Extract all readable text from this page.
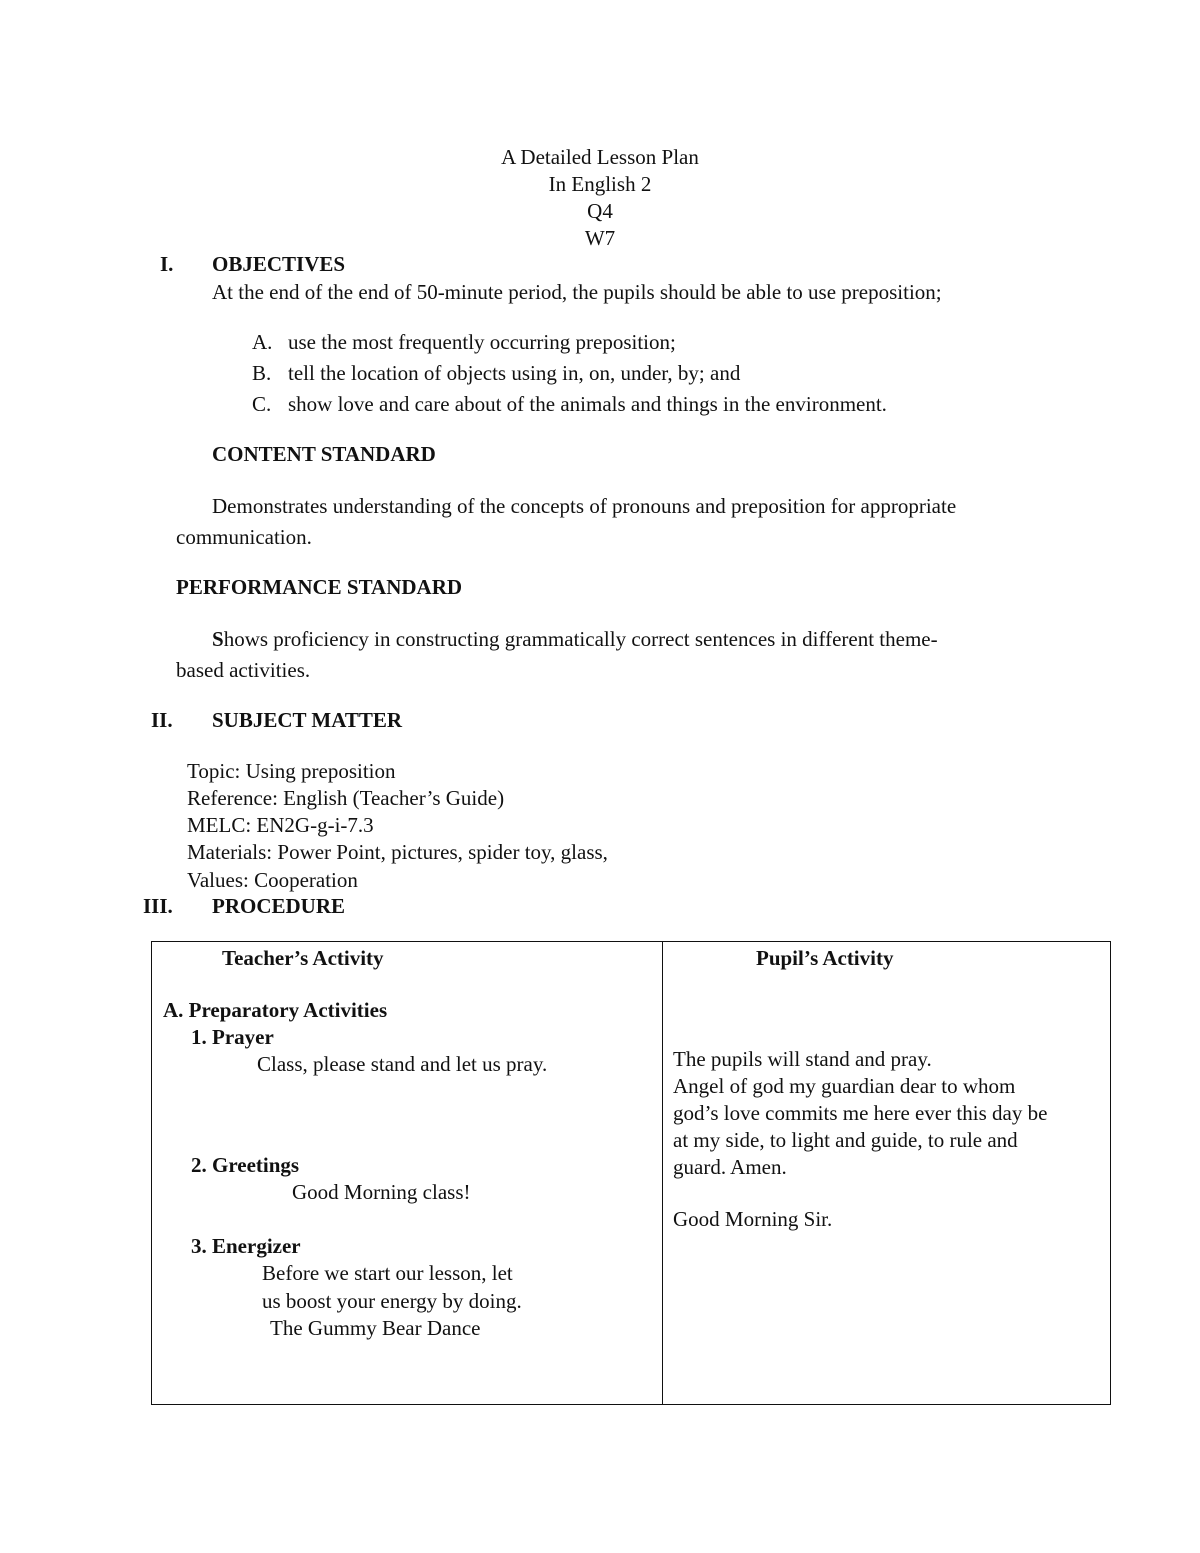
A Detailed Lesson Plan
In English 2
Q4
W7
I. OBJECTIVES
At the end of the end of 50-minute period, the pupils should be able to use preposition;
A. use the most frequently occurring preposition;
B. tell the location of objects using in, on, under, by; and
C. show love and care about of the animals and things in the environment.
CONTENT STANDARD
Demonstrates understanding of the concepts of pronouns and preposition for appropriate
communication.
PERFORMANCE STANDARD
Shows proficiency in constructing grammatically correct sentences in different theme-
based activities.
II. SUBJECT MATTER
Topic: Using preposition
Reference: English (Teacher’s Guide)
MELC: EN2G-g-i-7.3
Materials: Power Point, pictures, spider toy, glass,
Values: Cooperation
III. PROCEDURE
Teacher’s Activity	Pupil’s Activity
A. Preparatory Activities
1. Prayer
Class, please stand and let us pray.
2. Greetings
Good Morning class!
3. Energizer
Before we start our lesson, let
us boost your energy by doing.
The Gummy Bear Dance
The pupils will stand and pray.
Angel of god my guardian dear to whom
god’s love commits me here ever this day be
at my side, to light and guide, to rule and
guard. Amen.
Good Morning Sir.
